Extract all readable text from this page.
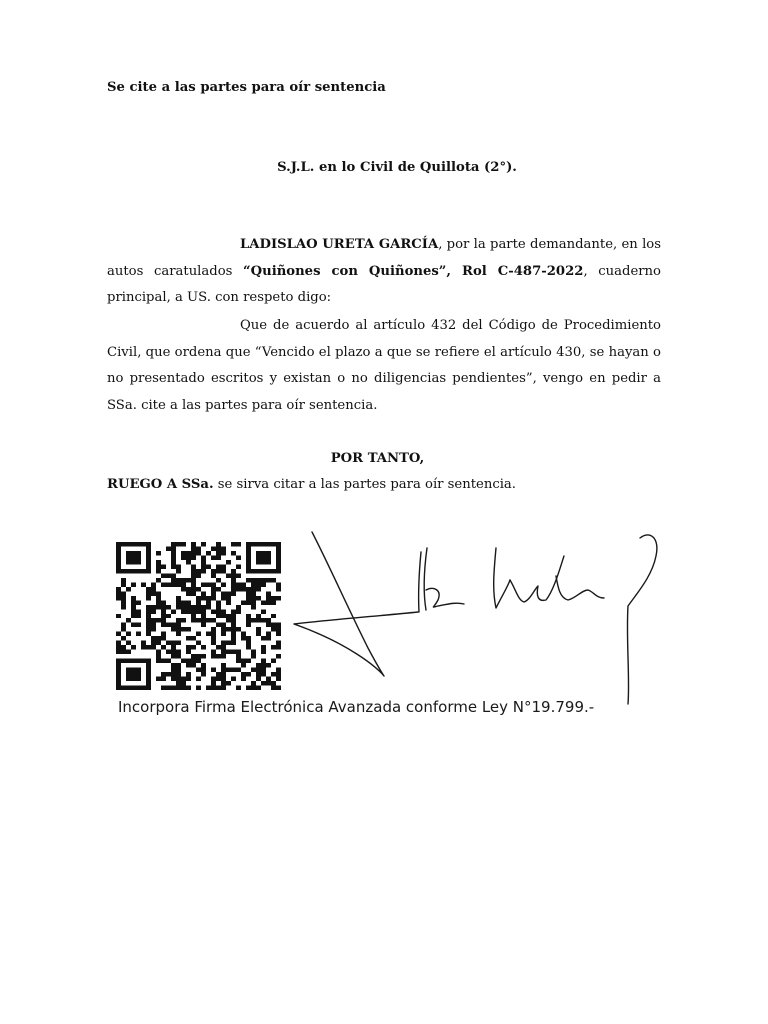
Se cite a las partes para oír sentencia
S.J.L. en lo Civil de Quillota (2°).
LADISLAO URETA GARCÍA, por la parte demandante, en los autos caratulados “Quiñones con Quiñones”, Rol C-487-2022, cuaderno principal, a US. con respeto digo:
Que de acuerdo al artículo 432 del Código de Procedimiento Civil, que ordena que “Vencido el plazo a que se refiere el artículo 430, se hayan o no presentado escritos y existan o no diligencias pendientes”, vengo en pedir a SSa. cite a las partes para oír sentencia.
POR TANTO,
RUEGO A SSa. se sirva citar a las partes para oír sentencia.
Incorpora Firma Electrónica Avanzada conforme Ley N°19.799.-
